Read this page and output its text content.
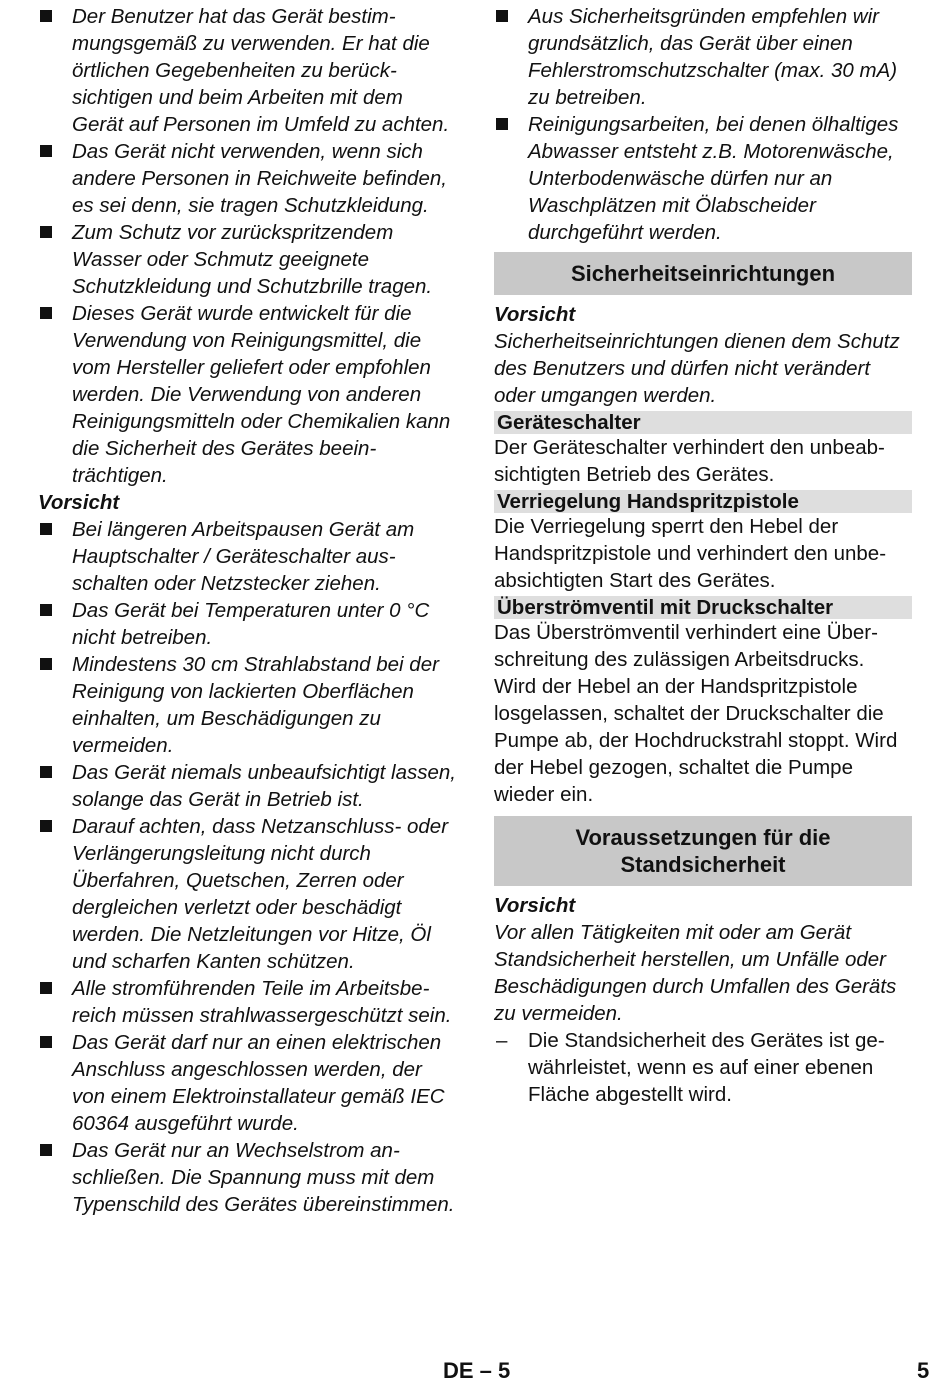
Der Benutzer hat das Gerät bestimmungsgemäß zu verwenden. Er hat die örtlichen Gegebenheiten zu berücksichtigen und beim Arbeiten mit dem Gerät auf Personen im Umfeld zu achten.
Das Gerät nicht verwenden, wenn sich andere Personen in Reichweite befinden, es sei denn, sie tragen Schutzkleidung.
Zum Schutz vor zurückspritzendem Wasser oder Schmutz geeignete Schutzkleidung und Schutzbrille tragen.
Dieses Gerät wurde entwickelt für die Verwendung von Reinigungsmittel, die vom Hersteller geliefert oder empfohlen werden. Die Verwendung von anderen Reinigungsmitteln oder Chemikalien kann die Sicherheit des Gerätes beeinträchtigen.

Vorsicht

Bei längeren Arbeitspausen Gerät am Hauptschalter / Geräteschalter ausschalten oder Netzstecker ziehen.
Das Gerät bei Temperaturen unter 0 °C nicht betreiben.
Mindestens 30 cm Strahlabstand bei der Reinigung von lackierten Oberflächen einhalten, um Beschädigungen zu vermeiden.
Das Gerät niemals unbeaufsichtigt lassen, solange das Gerät in Betrieb ist.
Darauf achten, dass Netzanschluss- oder Verlängerungsleitung nicht durch Überfahren, Quetschen, Zerren oder dergleichen verletzt oder beschädigt werden. Die Netzleitungen vor Hitze, Öl und scharfen Kanten schützen.
Alle stromführenden Teile im Arbeitsbereich müssen strahlwassergeschützt sein.
Das Gerät darf nur an einen elektrischen Anschluss angeschlossen werden, der von einem Elektroinstallateur gemäß IEC 60364 ausgeführt wurde.
Das Gerät nur an Wechselstrom anschließen. Die Spannung muss mit dem Typenschild des Gerätes übereinstimmen.
Aus Sicherheitsgründen empfehlen wir grundsätzlich, das Gerät über einen Fehlerstromschutzschalter (max. 30 mA) zu betreiben.
Reinigungsarbeiten, bei denen ölhaltiges Abwasser entsteht z.B. Motorenwäsche, Unterbodenwäsche dürfen nur an Waschplätzen mit Ölabscheider durchgeführt werden.
Sicherheitseinrichtungen

Vorsicht

Sicherheitseinrichtungen dienen dem Schutz des Benutzers und dürfen nicht verändert oder umgangen werden.

Geräteschalter

Der Geräteschalter verhindert den unbeabsichtigten Betrieb des Gerätes.

Verriegelung Handspritzpistole

Die Verriegelung sperrt den Hebel der Handspritzpistole und verhindert den unbeabsichtigten Start des Gerätes.

Überströmventil mit Druckschalter

Das Überströmventil verhindert eine Überschreitung des zulässigen Arbeitsdrucks. Wird der Hebel an der Handspritzpistole losgelassen, schaltet der Druckschalter die Pumpe ab, der Hochdruckstrahl stoppt. Wird der Hebel gezogen, schaltet die Pumpe wieder ein.

Voraussetzungen für die Standsicherheit

Vorsicht

Vor allen Tätigkeiten mit oder am Gerät Standsicherheit herstellen, um Unfälle oder Beschädigungen durch Umfallen des Geräts zu vermeiden.

– Die Standsicherheit des Gerätes ist gewährleistet, wenn es auf einer ebenen Fläche abgestellt wird.
DE – 5	5
